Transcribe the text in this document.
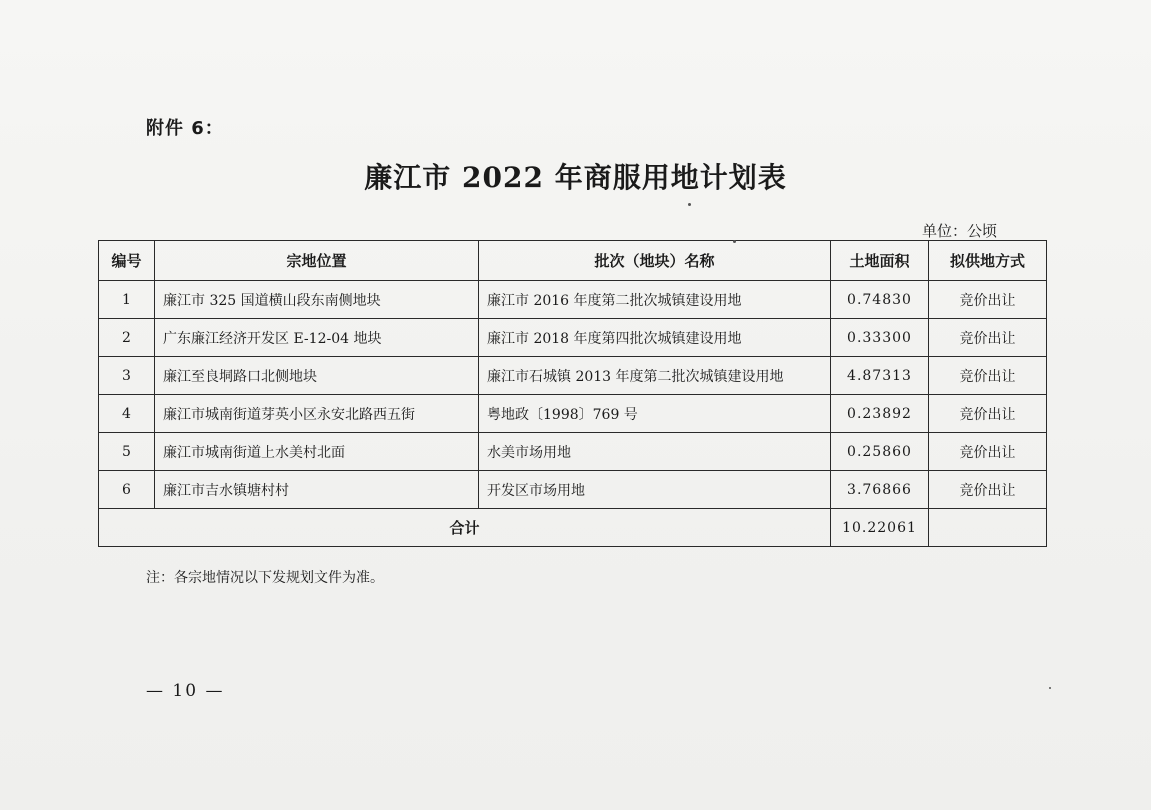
附件 6：
廉江市 2022 年商服用地计划表
单位：公顷
编号	宗地位置	批次（地块）名称	土地面积	拟供地方式
1	廉江市 325 国道横山段东南侧地块	廉江市 2016 年度第二批次城镇建设用地	0.74830	竞价出让
2	广东廉江经济开发区 E-12-04 地块	廉江市 2018 年度第四批次城镇建设用地	0.33300	竞价出让
3	廉江至良垌路口北侧地块	廉江市石城镇 2013 年度第二批次城镇建设用地	4.87313	竞价出让
4	廉江市城南街道芽英小区永安北路西五街	粤地政〔1998〕769 号	0.23892	竞价出让
5	廉江市城南街道上水美村北面	水美市场用地	0.25860	竞价出让
6	廉江市吉水镇塘村村	开发区市场用地	3.76866	竞价出让
合计			10.22061	
注：各宗地情况以下发规划文件为准。
— 10 —
